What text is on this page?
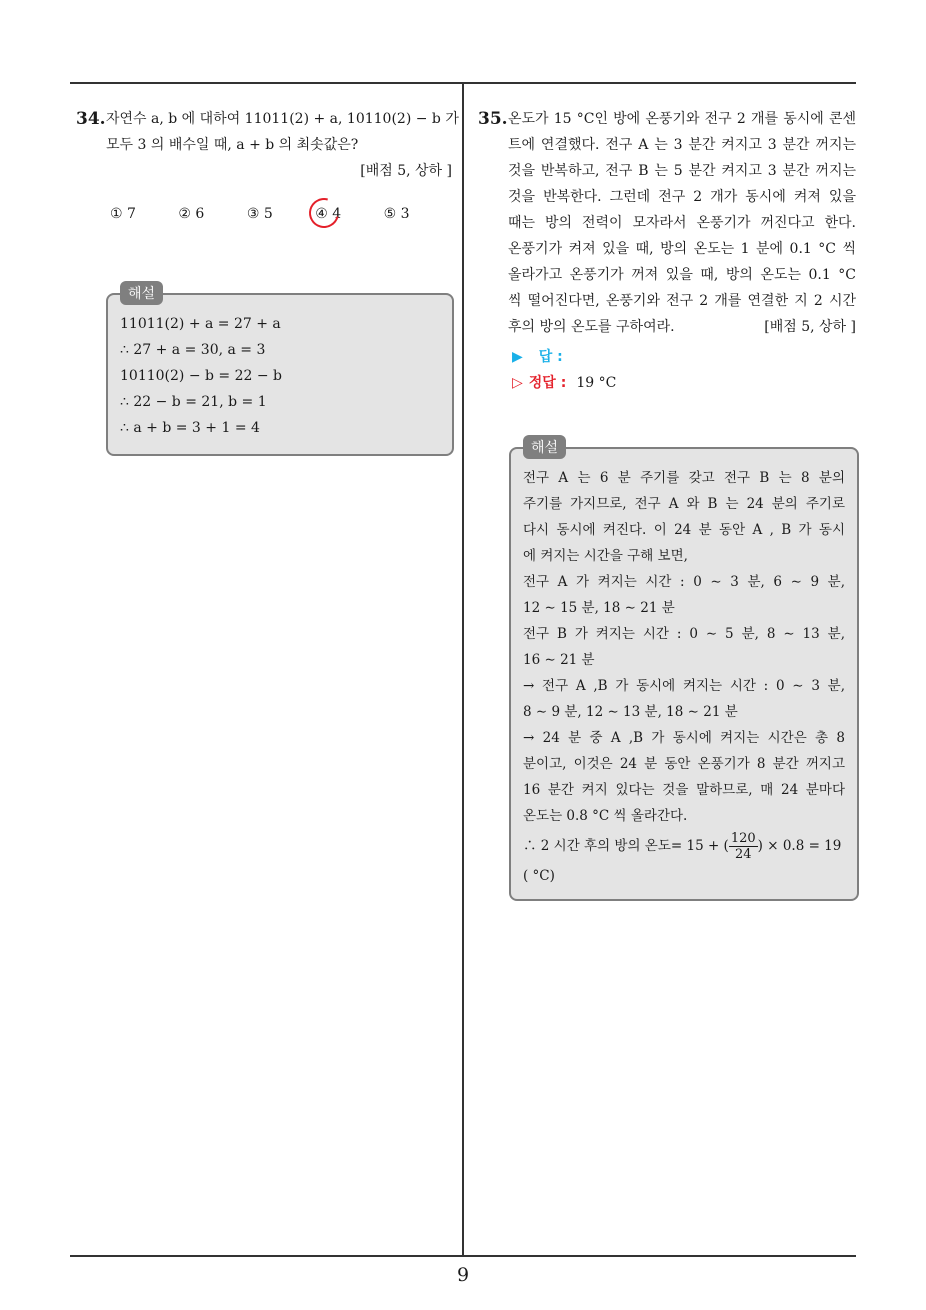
34. 자연수 a, b 에 대하여 11011(2) + a, 10110(2) − b 가
모두 3 의 배수일 때, a + b 의 최솟값은?
[배점 5, 상하 ]
① 7	② 6	③ 5	④ 4	⑤ 3
해설
11011(2) + a = 27 + a
∴ 27 + a = 30, a = 3
10110(2) − b = 22 − b
∴ 22 − b = 21, b = 1
∴ a + b = 3 + 1 = 4
35. 온도가 15 °C인 방에 온풍기와 전구 2 개를 동시에 콘센
트에 연결했다. 전구 A 는 3 분간 켜지고 3 분간 꺼지는
것을 반복하고, 전구 B 는 5 분간 켜지고 3 분간 꺼지는
것을 반복한다. 그런데 전구 2 개가 동시에 켜져 있을
때는 방의 전력이 모자라서 온풍기가 꺼진다고 한다.
온풍기가 켜져 있을 때, 방의 온도는 1 분에 0.1 °C 씩
올라가고 온풍기가 꺼져 있을 때, 방의 온도는 0.1 °C
씩 떨어진다면, 온풍기와 전구 2 개를 연결한 지 2 시간
후의 방의 온도를 구하여라.	[배점 5, 상하 ]
▶ 답 :
▷ 정답 : 19 °C
해설
전구 A 는 6 분 주기를 갖고 전구 B 는 8 분의
주기를 가지므로, 전구 A 와 B 는 24 분의 주기로
다시 동시에 켜진다. 이 24 분 동안 A , B 가 동시
에 켜지는 시간을 구해 보면,
전구 A 가 켜지는 시간 : 0 ∼ 3 분, 6 ∼ 9 분,
12 ∼ 15 분, 18 ∼ 21 분
전구 B 가 켜지는 시간 : 0 ∼ 5 분, 8 ∼ 13 분,
16 ∼ 21 분
→ 전구 A ,B 가 동시에 켜지는 시간 : 0 ∼ 3 분,
8 ∼ 9 분, 12 ∼ 13 분, 18 ∼ 21 분
→ 24 분 중 A ,B 가 동시에 켜지는 시간은 총 8
분이고, 이것은 24 분 동안 온풍기가 8 분간 꺼지고
16 분간 켜지 있다는 것을 말하므로, 매 24 분마다
온도는 0.8 °C 씩 올라간다.
∴ 2 시간 후의 방의 온도= 15 + ( $\frac{120}{24}$ ) × 0.8 = 19
( °C)
9
